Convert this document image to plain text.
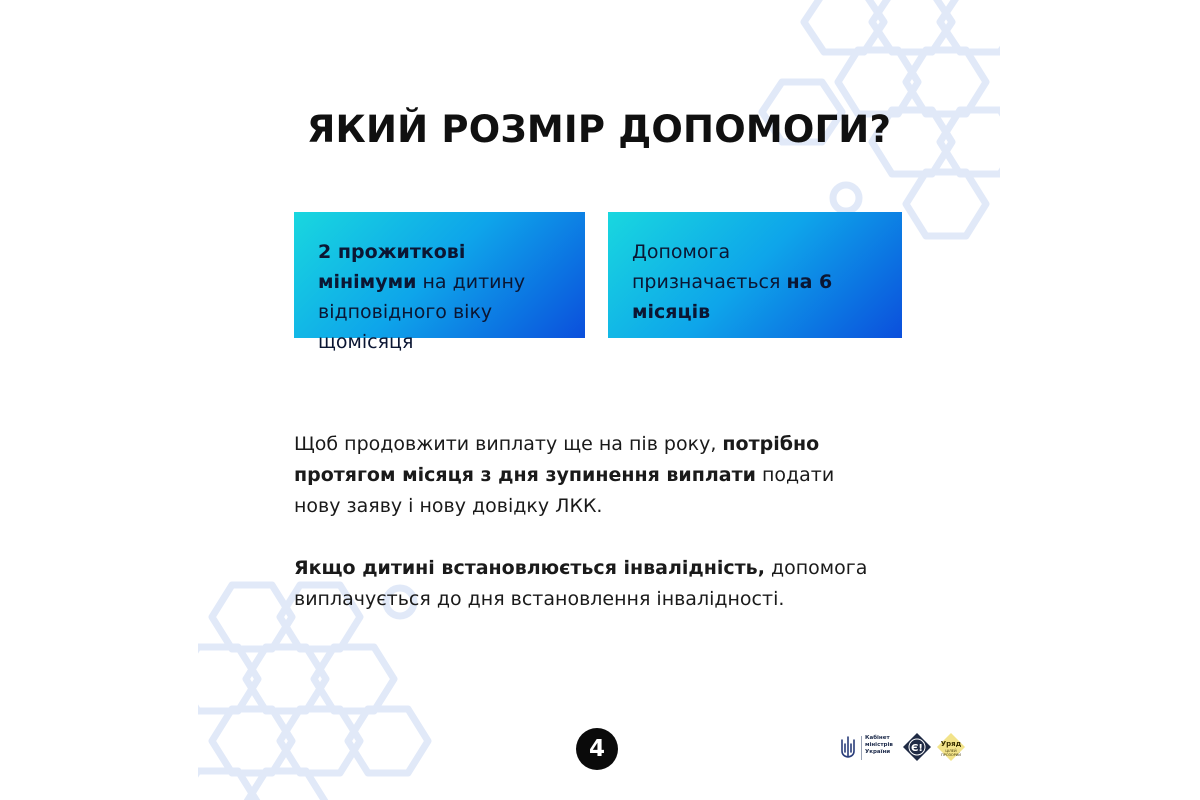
ЯКИЙ РОЗМІР ДОПОМОГИ?
2 прожиткові мінімуми на дитину відповідного віку щомісяця
Допомога призначається на 6 місяців

Щоб продовжити виплату ще на пів року, потрібно протягом місяця з дня зупинення виплати подати нову заяву і нову довідку ЛКК.

Якщо дитині встановлюється інвалідність, допомога виплачується до дня встановлення інвалідності.

4	Кабінет
міністрів
України	Є!	Уряд
ЦІЛЕЙ ПРОЗОРИЙ
